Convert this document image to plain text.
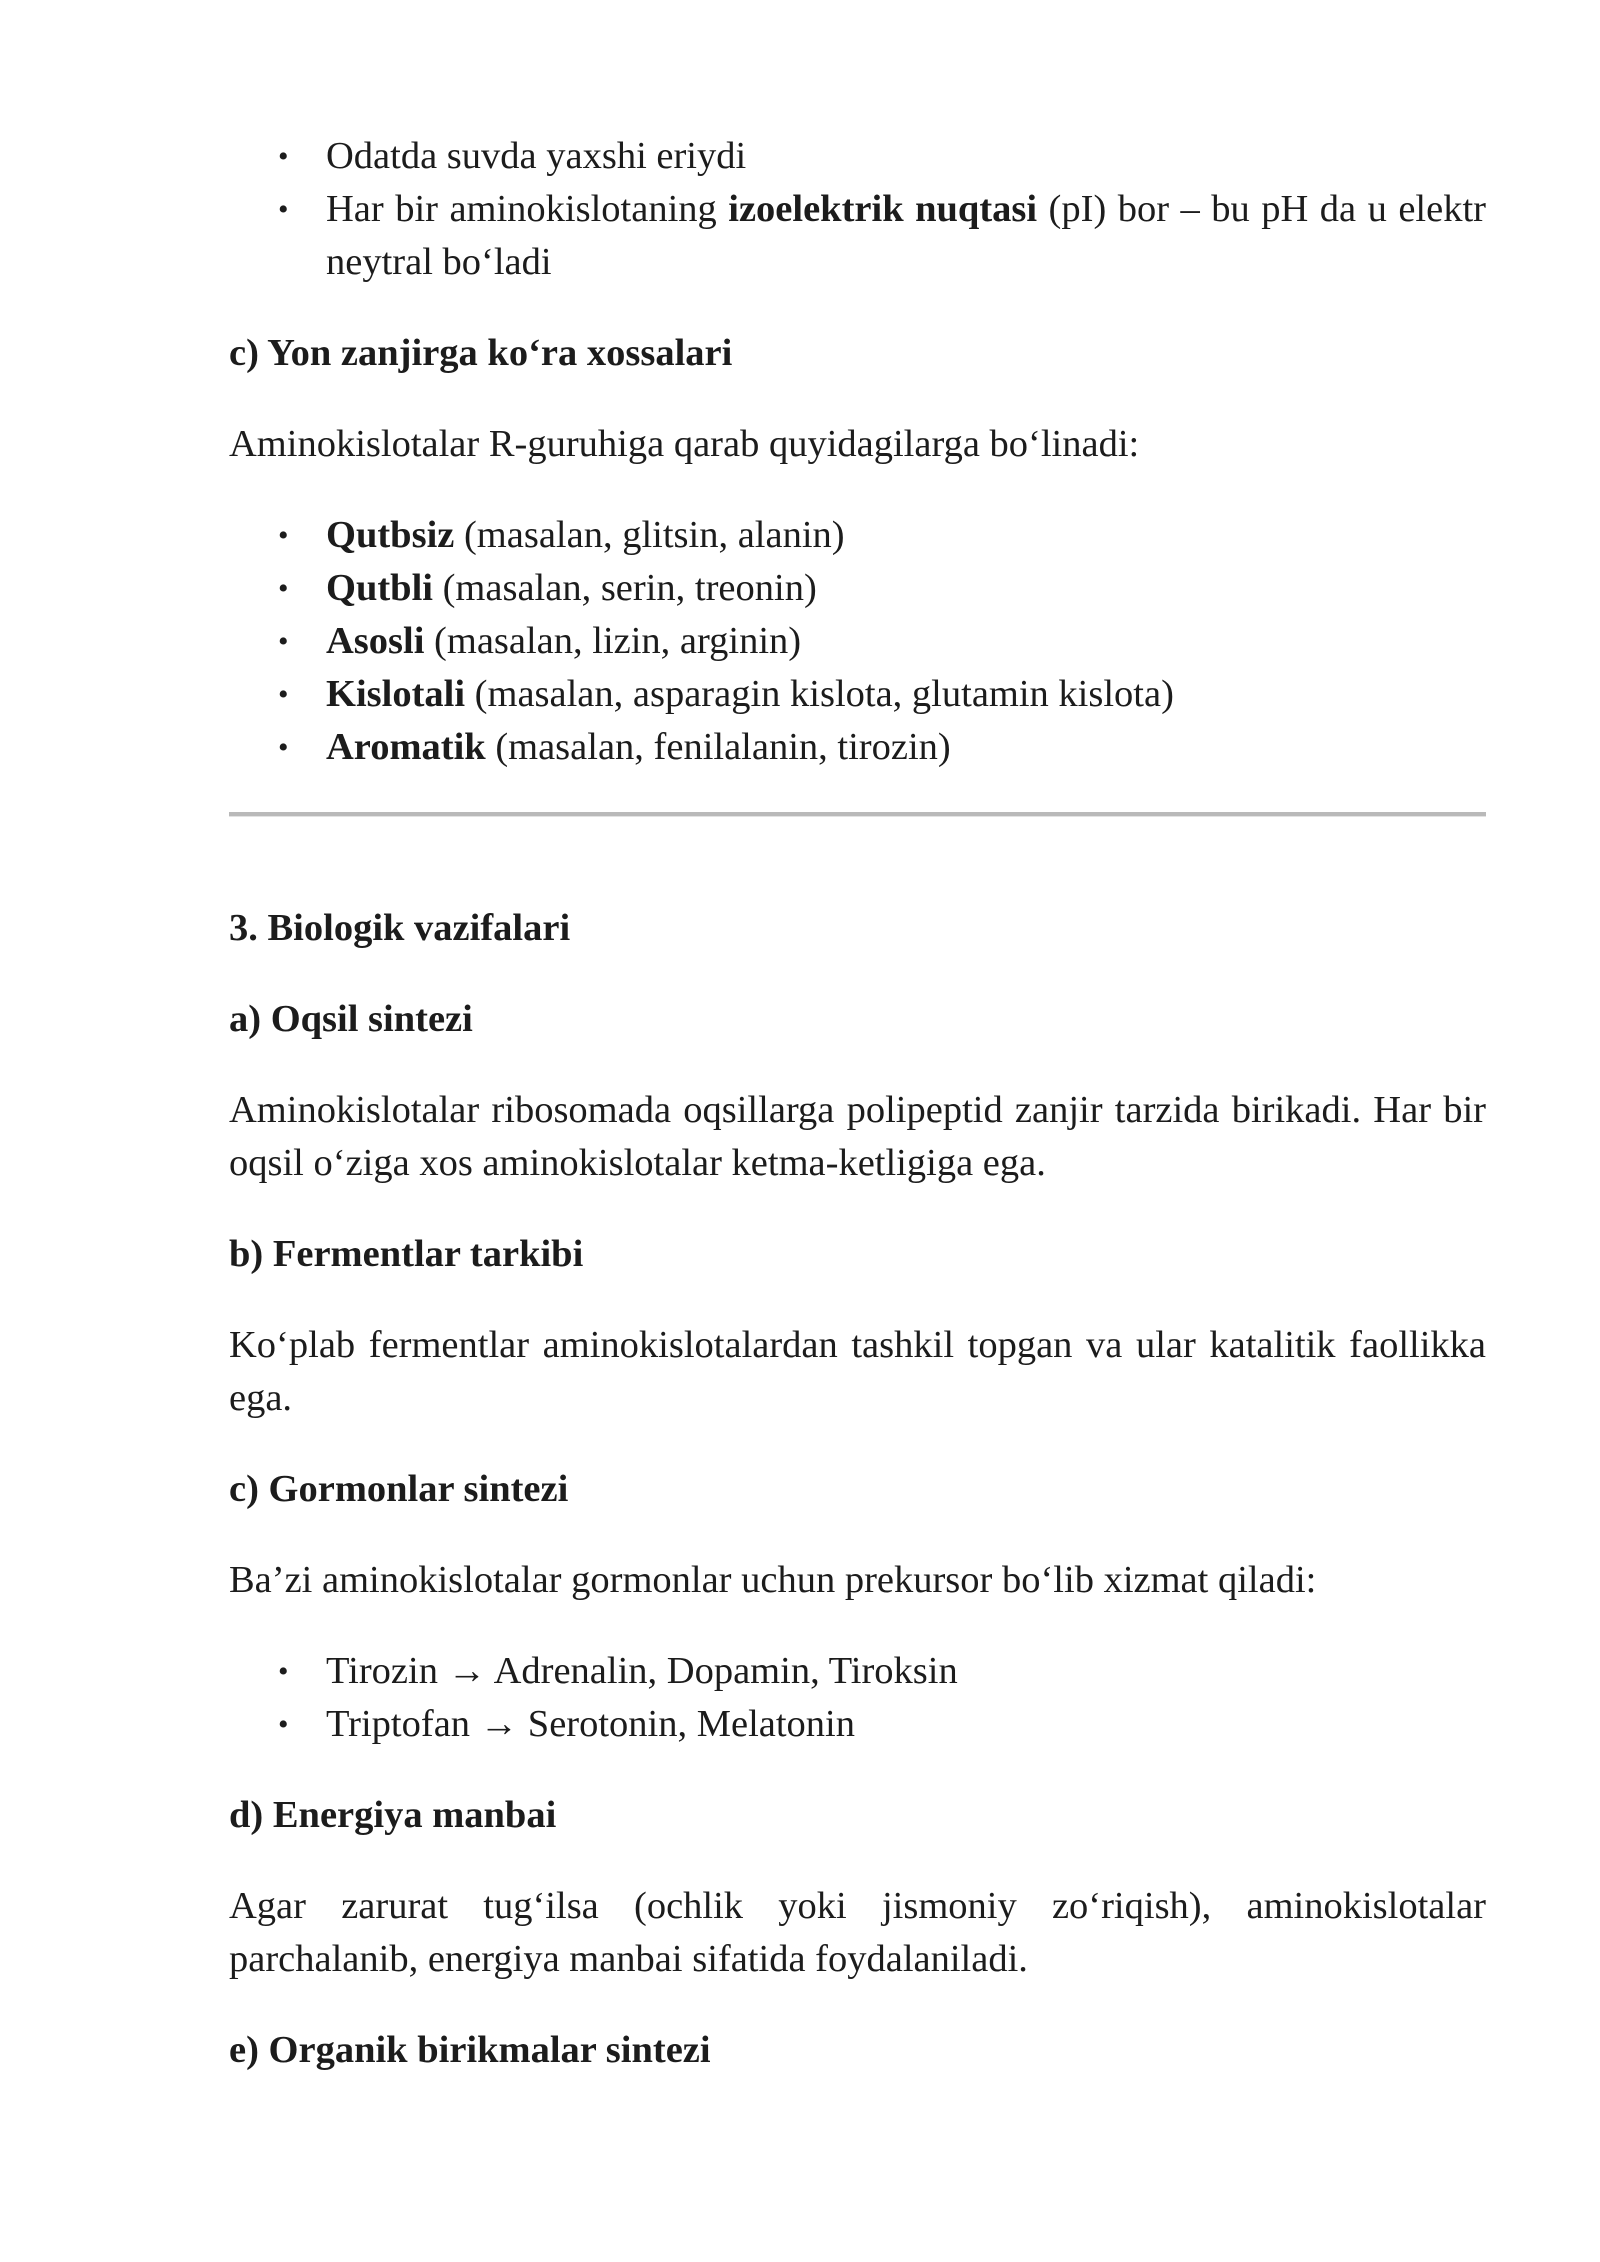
• Odatda suvda yaxshi eriydi
• Har bir aminokislotaning izoelektrik nuqtasi (pI) bor – bu pH da u elektr neytral bo‘ladi
c) Yon zanjirga ko‘ra xossalari

Aminokislotalar R-guruhiga qarab quyidagilarga bo‘linadi:

• Qutbsiz (masalan, glitsin, alanin)
• Qutbli (masalan, serin, treonin)
• Asosli (masalan, lizin, arginin)
• Kislotali (masalan, asparagin kislota, glutamin kislota)
• Aromatik (masalan, fenilalanin, tirozin)
3. Biologik vazifalari
a) Oqsil sintezi

Aminokislotalar ribosomada oqsillarga polipeptid zanjir tarzida birikadi. Har bir oqsil o‘ziga xos aminokislotalar ketma-ketligiga ega.

b) Fermentlar tarkibi

Ko‘plab fermentlar aminokislotalardan tashkil topgan va ular katalitik faollikka ega.

c) Gormonlar sintezi

Ba’zi aminokislotalar gormonlar uchun prekursor bo‘lib xizmat qiladi:

• Tirozin → Adrenalin, Dopamin, Tiroksin
• Triptofan → Serotonin, Melatonin
d) Energiya manbai

Agar zarurat tug‘ilsa (ochlik yoki jismoniy zo‘riqish), aminokislotalar parchalanib, energiya manbai sifatida foydalaniladi.

e) Organik birikmalar sintezi
